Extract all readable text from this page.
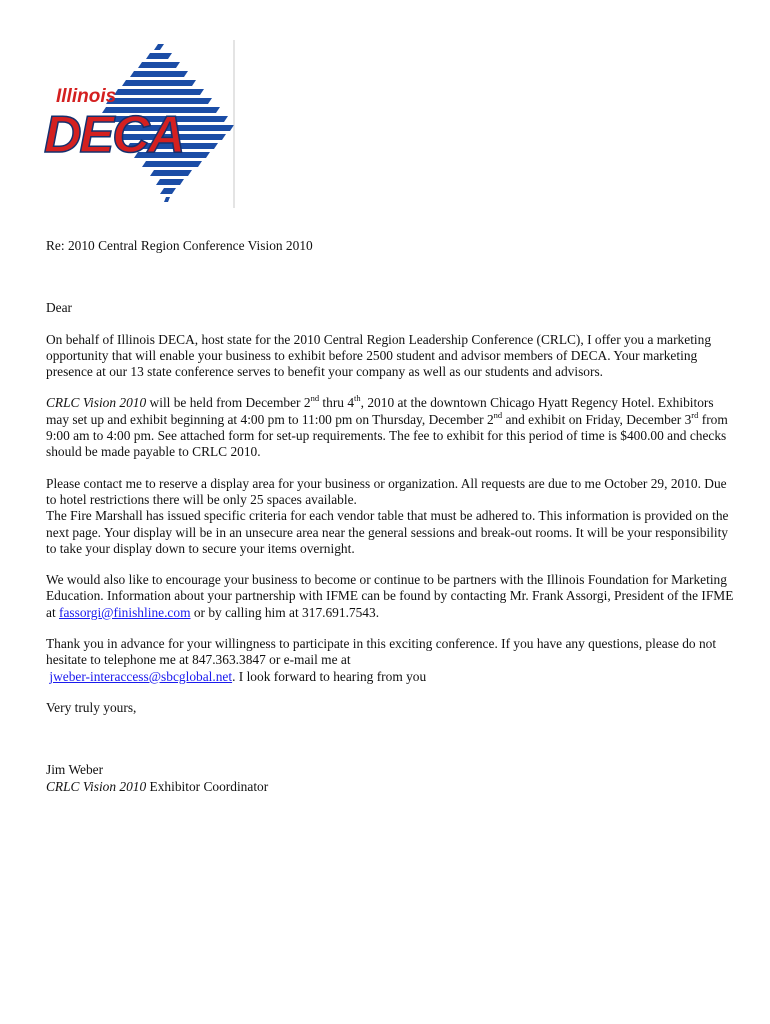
Illinois
DECA

Re: 2010 Central Region Conference Vision 2010

Dear

On behalf of Illinois DECA, host state for the 2010 Central Region Leadership Conference (CRLC), I offer you a marketing opportunity that will enable your business to exhibit before 2500 student and advisor members of DECA. Your marketing presence at our 13 state conference serves to benefit your company as well as our students and advisors.

CRLC Vision 2010 will be held from December 2nd thru 4th, 2010 at the downtown Chicago Hyatt Regency Hotel. Exhibitors may set up and exhibit beginning at 4:00 pm to 11:00 pm on Thursday, December 2nd and exhibit on Friday, December 3rd from 9:00 am to 4:00 pm. See attached form for set-up requirements. The fee to exhibit for this period of time is $400.00 and checks should be made payable to CRLC 2010.

Please contact me to reserve a display area for your business or organization. All requests are due to me October 29, 2010. Due to hotel restrictions there will be only 25 spaces available.
The Fire Marshall has issued specific criteria for each vendor table that must be adhered to. This information is provided on the next page. Your display will be in an unsecure area near the general sessions and break-out rooms. It will be your responsibility to take your display down to secure your items overnight.

We would also like to encourage your business to become or continue to be partners with the Illinois Foundation for Marketing Education. Information about your partnership with IFME can be found by contacting Mr. Frank Assorgi, President of the IFME at fassorgi@finishline.com or by calling him at 317.691.7543.

Thank you in advance for your willingness to participate in this exciting conference. If you have any questions, please do not hesitate to telephone me at 847.363.3847 or e-mail me at
jweber-interaccess@sbcglobal.net. I look forward to hearing from you

Very truly yours,

Jim Weber

CRLC Vision 2010 Exhibitor Coordinator
